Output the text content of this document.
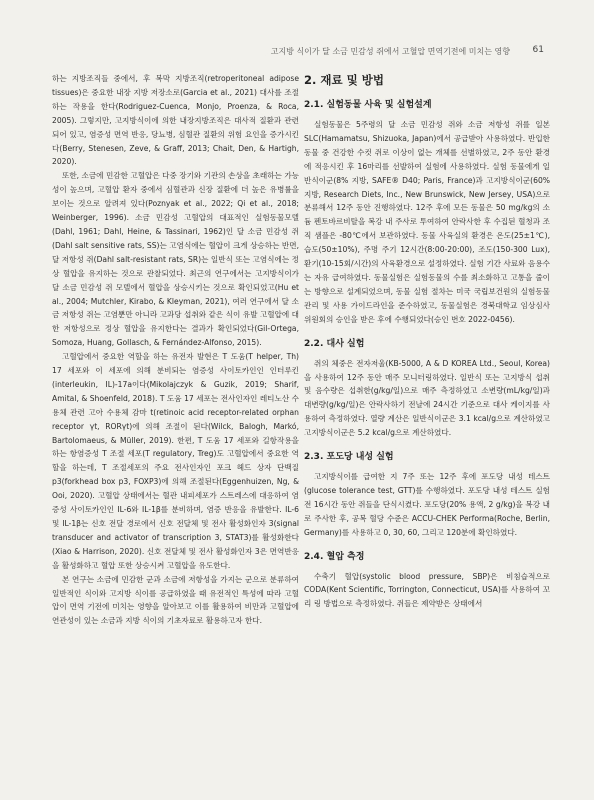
고지방 식이가 달 소금 민감성 쥐에서 고혈압 면역기전에 미치는 영향	61

하는 지방조직들 중에서, 후 복막 지방조직(retroperitoneal adipose tissues)은 중요한 내장 지방 저장소로(Garcia et al., 2021) 대사를 조절하는 작용을 한다(Rodriguez-Cuenca, Monjo, Proenza, & Roca, 2005). 그렇지만, 고지방식이에 의한 내장지방조직은 대사적 질환과 관련되어 있고, 염증성 면역 반응, 당뇨병, 심혈관 질환의 위험 요인을 증가시킨다(Berry, Stenesen, Zeve, & Graff, 2013; Chait, Den, & Hartigh, 2020).

또한, 소금에 민감한 고혈압은 다중 장기와 기관의 손상을 초래하는 가능성이 높으며, 고혈압 환자 중에서 심혈관과 신장 질환에 더 높은 유병률을 보이는 것으로 알려져 있다(Poznyak et al., 2022; Qi et al., 2018; Weinberger, 1996). 소금 민감성 고혈압의 대표적인 실험동물모델(Dahl, 1961; Dahl, Heine, & Tassinari, 1962)인 달 소금 민감성 쥐(Dahl salt sensitive rats, SS)는 고염식에는 혈압이 크게 상승하는 반면, 달 저항성 쥐(Dahl salt-resistant rats, SR)는 일반식 또는 고염식에는 정상 혈압을 유지하는 것으로 관찰되었다. 최근의 연구에서는 고지방식이가 달 소금 민감성 쥐 모델에서 혈압을 상승시키는 것으로 확인되었고(Hu et al., 2004; Mutchler, Kirabo, & Kleyman, 2021), 여러 연구에서 달 소금 저항성 쥐는 고염뿐만 아니라 고과당 섭취와 같은 식이 유발 고혈압에 대한 저항성으로 정상 혈압을 유지한다는 결과가 확인되었다(Gil-Ortega, Somoza, Huang, Gollasch, & Fernández-Alfonso, 2015).

고혈압에서 중요한 역할을 하는 유전자 발현은 T 도움(T helper, Th) 17 세포와 이 세포에 의해 분비되는 염증성 사이토카인인 인터루킨(interleukin, IL)-17a이다(Mikolajczyk & Guzik, 2019; Sharif, Amital, & Shoenfeld, 2018). T 도움 17 세포는 전사인자인 레티노산 수용체 관련 고아 수용체 감마 t(retinoic acid receptor-related orphan receptor γt, RORγt)에 의해 조절이 된다(Wilck, Balogh, Markó, Bartolomaeus, & Müller, 2019). 한편, T 도움 17 세포와 길항작용을 하는 항염증성 T 조절 세포(T regulatory, Treg)도 고혈압에서 중요한 역할을 하는데, T 조절세포의 주요 전사인자인 포크 헤드 상자 단백질 p3(forkhead box p3, FOXP3)에 의해 조절된다(Eggenhuizen, Ng, & Ooi, 2020). 고혈압 상태에서는 혈관 내피세포가 스트레스에 대응하여 염증성 사이토카인인 IL-6와 IL-1β를 분비하며, 염증 반응을 유발한다. IL-6 및 IL-1β는 신호 전달 경로에서 신호 전달체 및 전사 활성화인자 3(signal transducer and activator of transcription 3, STAT3)를 활성화한다(Xiao & Harrison, 2020). 신호 전달체 및 전사 활성화인자 3은 면역반응을 활성화하고 혈압 또한 상승시켜 고혈압을 유도한다.

본 연구는 소금에 민감한 군과 소금에 저항성을 가지는 군으로 분류하여 일반적인 식이와 고지방 식이를 공급하였을 때 유전적인 특성에 따라 고혈압이 면역 기전에 미치는 영향을 알아보고 이를 활용하여 비만과 고혈압에 연관성이 있는 소금과 지방 식이의 기초자료로 활용하고자 한다.

2. 재료 및 방법
2.1. 실험동물 사육 및 실험설계

실험동물은 5주령의 달 소금 민감성 쥐와 소금 저항성 쥐를 일본 SLC(Hamamatsu, Shizuoka, Japan)에서 공급받아 사용하였다. 반입한 동물 중 건강한 수컷 쥐로 이상이 없는 개체를 선별하였고, 2주 동안 환경에 적응시킨 후 16마리를 선발하여 실험에 사용하였다. 실험 동물에게 일반식이군(8% 지방, SAFE® D40; Paris, France)과 고지방식이군(60% 지방, Research Diets, Inc., New Brunswick, New Jersey, USA)으로 분류해서 12주 동안 진행하였다. 12주 후에 모든 동물은 50 mg/kg의 소듐 펜토바르비탈을 복강 내 주사로 투여하여 안락사한 후 수집된 혈청과 조직 샘플은 -80℃에서 보관하였다. 동물 사육실의 환경은 온도(25±1℃), 습도(50±10%), 주명 주기 12시간(8:00-20:00), 조도(150-300 Lux), 환기(10-15회/시간)의 사육환경으로 설정하였다. 실험 기간 사료와 음용수는 자유 급여하였다. 동물실험은 실험동물의 수를 최소화하고 고통을 줄이는 방향으로 설계되었으며, 동물 실험 절차는 미국 국립보건원의 실험동물 관리 및 사용 가이드라인을 준수하였고, 동물실험은 경북대학교 임상심사위원회의 승인을 받은 후에 수행되었다(승인 번호 2022-0456).

2.2. 대사 실험

쥐의 체중은 전자저울(KB-5000, A & D KOREA Ltd., Seoul, Korea)을 사용하여 12주 동안 매주 모니터링하였다. 일반식 또는 고지방식 섭취 및 음수량은 섭취한(g/kg/일)으로 매주 측정하였고 소변량(mL/kg/일)과 대변량(g/kg/일)은 안락사하기 전날에 24시간 기준으로 대사 케이지를 사용하여 측정하였다. 열량 계산은 일반식이군은 3.1 kcal/g으로 계산하였고 고지방식이군은 5.2 kcal/g으로 계산하였다.

2.3. 포도당 내성 실험

고지방식이를 급여한 지 7주 또는 12주 후에 포도당 내성 테스트(glucose tolerance test, GTT)를 수행하였다. 포도당 내성 테스트 실험 전 16시간 동안 쥐들을 단식시켰다. 포도당(20% 용액, 2 g/kg)을 복강 내로 주사한 후, 공복 혈당 수준은 ACCU-CHEK Performa(Roche, Berlin, Germany)를 사용하고 0, 30, 60, 그리고 120분에 확인하였다.

2.4. 혈압 측정

수축기 혈압(systolic blood pressure, SBP)은 비침습적으로 CODA(Kent Scientific, Torrington, Connecticut, USA)를 사용하여 꼬리 링 방법으로 측정하였다. 쥐들은 제약받은 상태에서
